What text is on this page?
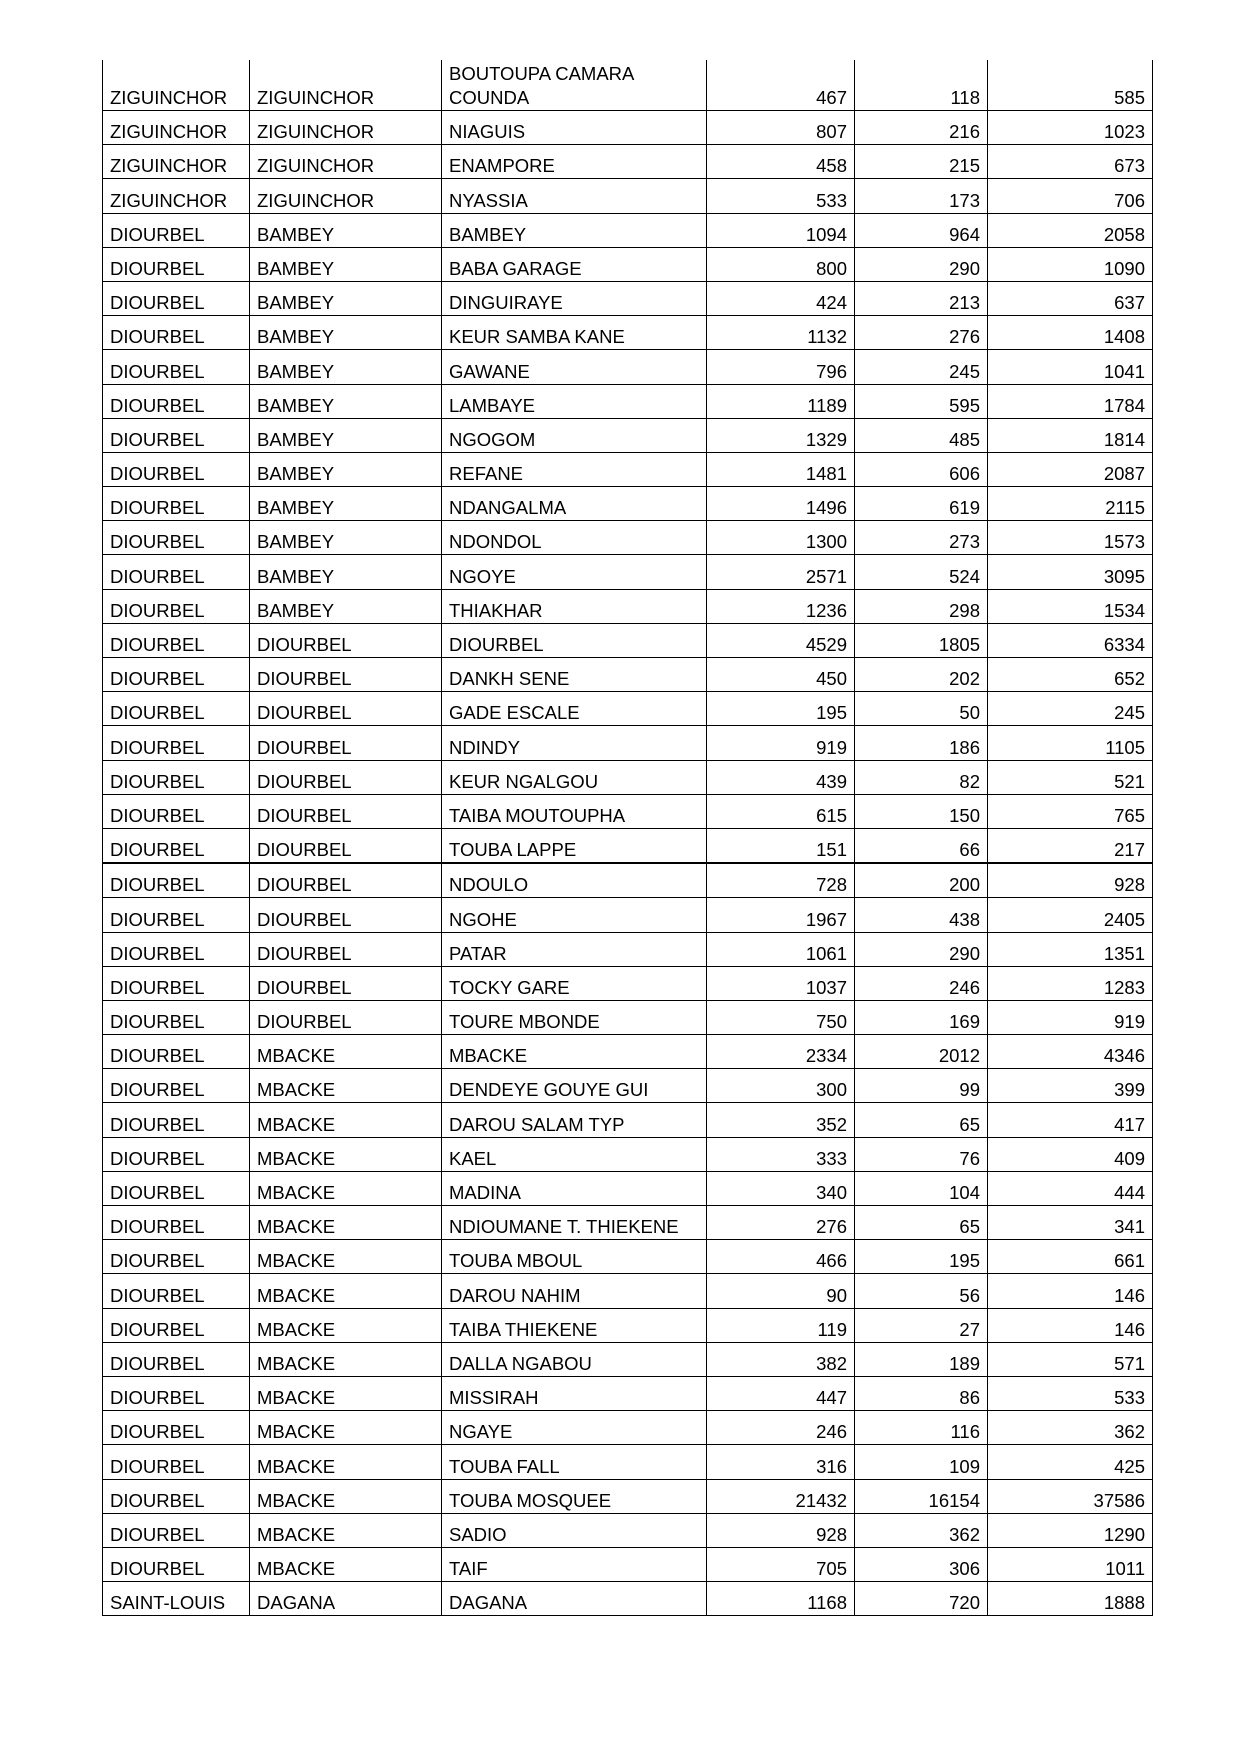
ZIGUINCHOR	ZIGUINCHOR	BOUTOUPA CAMARA COUNDA	467	118	585
ZIGUINCHOR	ZIGUINCHOR	NIAGUIS	807	216	1023
ZIGUINCHOR	ZIGUINCHOR	ENAMPORE	458	215	673
ZIGUINCHOR	ZIGUINCHOR	NYASSIA	533	173	706
DIOURBEL	BAMBEY	BAMBEY	1094	964	2058
DIOURBEL	BAMBEY	BABA GARAGE	800	290	1090
DIOURBEL	BAMBEY	DINGUIRAYE	424	213	637
DIOURBEL	BAMBEY	KEUR SAMBA KANE	1132	276	1408
DIOURBEL	BAMBEY	GAWANE	796	245	1041
DIOURBEL	BAMBEY	LAMBAYE	1189	595	1784
DIOURBEL	BAMBEY	NGOGOM	1329	485	1814
DIOURBEL	BAMBEY	REFANE	1481	606	2087
DIOURBEL	BAMBEY	NDANGALMA	1496	619	2115
DIOURBEL	BAMBEY	NDONDOL	1300	273	1573
DIOURBEL	BAMBEY	NGOYE	2571	524	3095
DIOURBEL	BAMBEY	THIAKHAR	1236	298	1534
DIOURBEL	DIOURBEL	DIOURBEL	4529	1805	6334
DIOURBEL	DIOURBEL	DANKH SENE	450	202	652
DIOURBEL	DIOURBEL	GADE ESCALE	195	50	245
DIOURBEL	DIOURBEL	NDINDY	919	186	1105
DIOURBEL	DIOURBEL	KEUR NGALGOU	439	82	521
DIOURBEL	DIOURBEL	TAIBA MOUTOUPHA	615	150	765
DIOURBEL	DIOURBEL	TOUBA LAPPE	151	66	217
DIOURBEL	DIOURBEL	NDOULO	728	200	928
DIOURBEL	DIOURBEL	NGOHE	1967	438	2405
DIOURBEL	DIOURBEL	PATAR	1061	290	1351
DIOURBEL	DIOURBEL	TOCKY GARE	1037	246	1283
DIOURBEL	DIOURBEL	TOURE MBONDE	750	169	919
DIOURBEL	MBACKE	MBACKE	2334	2012	4346
DIOURBEL	MBACKE	DENDEYE GOUYE GUI	300	99	399
DIOURBEL	MBACKE	DAROU SALAM TYP	352	65	417
DIOURBEL	MBACKE	KAEL	333	76	409
DIOURBEL	MBACKE	MADINA	340	104	444
DIOURBEL	MBACKE	NDIOUMANE T. THIEKENE	276	65	341
DIOURBEL	MBACKE	TOUBA MBOUL	466	195	661
DIOURBEL	MBACKE	DAROU NAHIM	90	56	146
DIOURBEL	MBACKE	TAIBA THIEKENE	119	27	146
DIOURBEL	MBACKE	DALLA NGABOU	382	189	571
DIOURBEL	MBACKE	MISSIRAH	447	86	533
DIOURBEL	MBACKE	NGAYE	246	116	362
DIOURBEL	MBACKE	TOUBA FALL	316	109	425
DIOURBEL	MBACKE	TOUBA MOSQUEE	21432	16154	37586
DIOURBEL	MBACKE	SADIO	928	362	1290
DIOURBEL	MBACKE	TAIF	705	306	1011
SAINT-LOUIS	DAGANA	DAGANA	1168	720	1888
